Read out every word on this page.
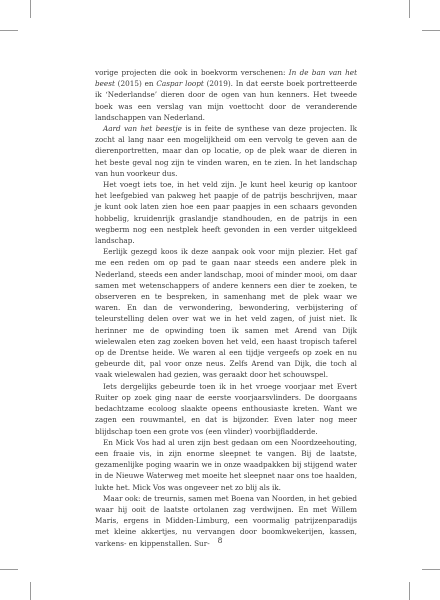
vorige projecten die ook in boekvorm verschenen: In de ban van het beest (2015) en Caspar loopt (2019). In dat eerste boek portretteerde ik ‘Nederlandse’ dieren door de ogen van hun kenners. Het tweede boek was een verslag van mijn voettocht door de veranderende landschappen van Nederland.

Aard van het beestje is in feite de synthese van deze projecten. Ik zocht al lang naar een mogelijkheid om een vervolg te geven aan de dierenportretten, maar dan op locatie, op de plek waar de dieren in het beste geval nog zijn te vinden waren, en te zien. In het landschap van hun voorkeur dus.

Het voegt iets toe, in het veld zijn. Je kunt heel keurig op kantoor het leefgebied van pakweg het paapje of de patrijs beschrijven, maar je kunt ook laten zien hoe een paar paapjes in een schaars gevonden hobbelig, kruidenrijk graslandje standhouden, en de patrijs in een wegberm nog een nestplek heeft gevonden in een verder uitgekleed landschap.

Eerlijk gezegd koos ik deze aanpak ook voor mijn plezier. Het gaf me een reden om op pad te gaan naar steeds een andere plek in Nederland, steeds een ander landschap, mooi of minder mooi, om daar samen met wetenschappers of andere kenners een dier te zoeken, te observeren en te bespreken, in samenhang met de plek waar we waren. En dan de verwondering, bewondering, verbijstering of teleurstelling delen over wat we in het veld zagen, of juist niet. Ik herinner me de opwinding toen ik samen met Arend van Dijk wielewalen eten zag zoeken boven het veld, een haast tropisch taferel op de Drentse heide. We waren al een tijdje vergeefs op zoek en nu gebeurde dit, pal voor onze neus. Zelfs Arend van Dijk, die toch al vaak wielewalen had gezien, was geraakt door het schouwspel.

Iets dergelijks gebeurde toen ik in het vroege voorjaar met Evert Ruiter op zoek ging naar de eerste voorjaarsvlinders. De doorgaans bedachtzame ecoloog slaakte opeens enthousiaste kreten. Want we zagen een rouwmantel, en dat is bijzonder. Even later nog meer blijdschap toen een grote vos (een vlinder) voorbijfladderde.

En Mick Vos had al uren zijn best gedaan om een Noordzeehouting, een fraaie vis, in zijn enorme sleepnet te vangen. Bij de laatste, gezamenlijke poging waarin we in onze waadpakken bij stijgend water in de Nieuwe Waterweg met moeite het sleepnet naar ons toe haalden, lukte het. Mick Vos was ongeveer net zo blij als ik.

Maar ook: de treurnis, samen met Boena van Noorden, in het gebied waar hij ooit de laatste ortolanen zag verdwijnen. En met Willem Maris, ergens in Midden-Limburg, een voormalig patrijzenparadijs met kleine akkertjes, nu vervangen door boomkwekerijen, kassen, varkens- en kippenstallen. Sur-	8
